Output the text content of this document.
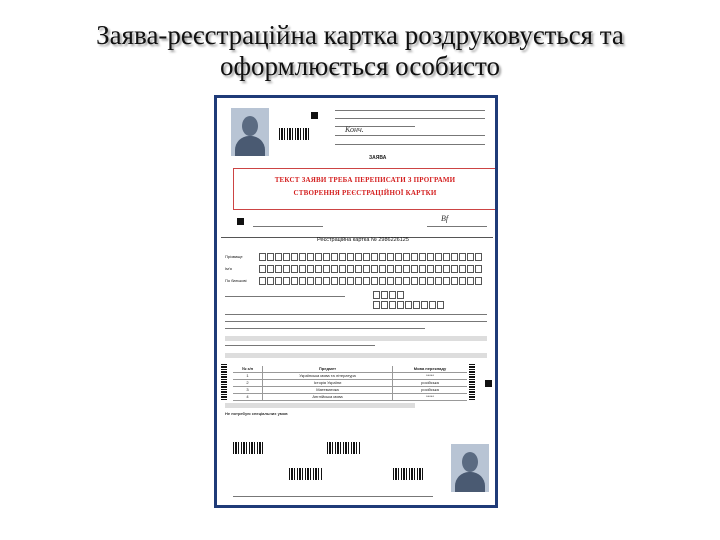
Заява-реєстраційна картка роздруковується та
оформлюється особисто
Конч.
ЗАЯВА
ТЕКСТ ЗАЯВИ ТРЕБА ПЕРЕПИСАТИ З ПРОГРАМИ
СТВОРЕННЯ РЕЄСТРАЦІЙНОЇ КАРТКИ
Bf
Реєстраційна картка № 2986226125
Прізвище
Ім'я
По батькові
№ з/п	Предмет	Мова перекладу
1	Українська мова та література	*****
2	Історія України	російська
3	Математика	російська
4	Англійська мова	*****
Не потребую спеціальних умов
